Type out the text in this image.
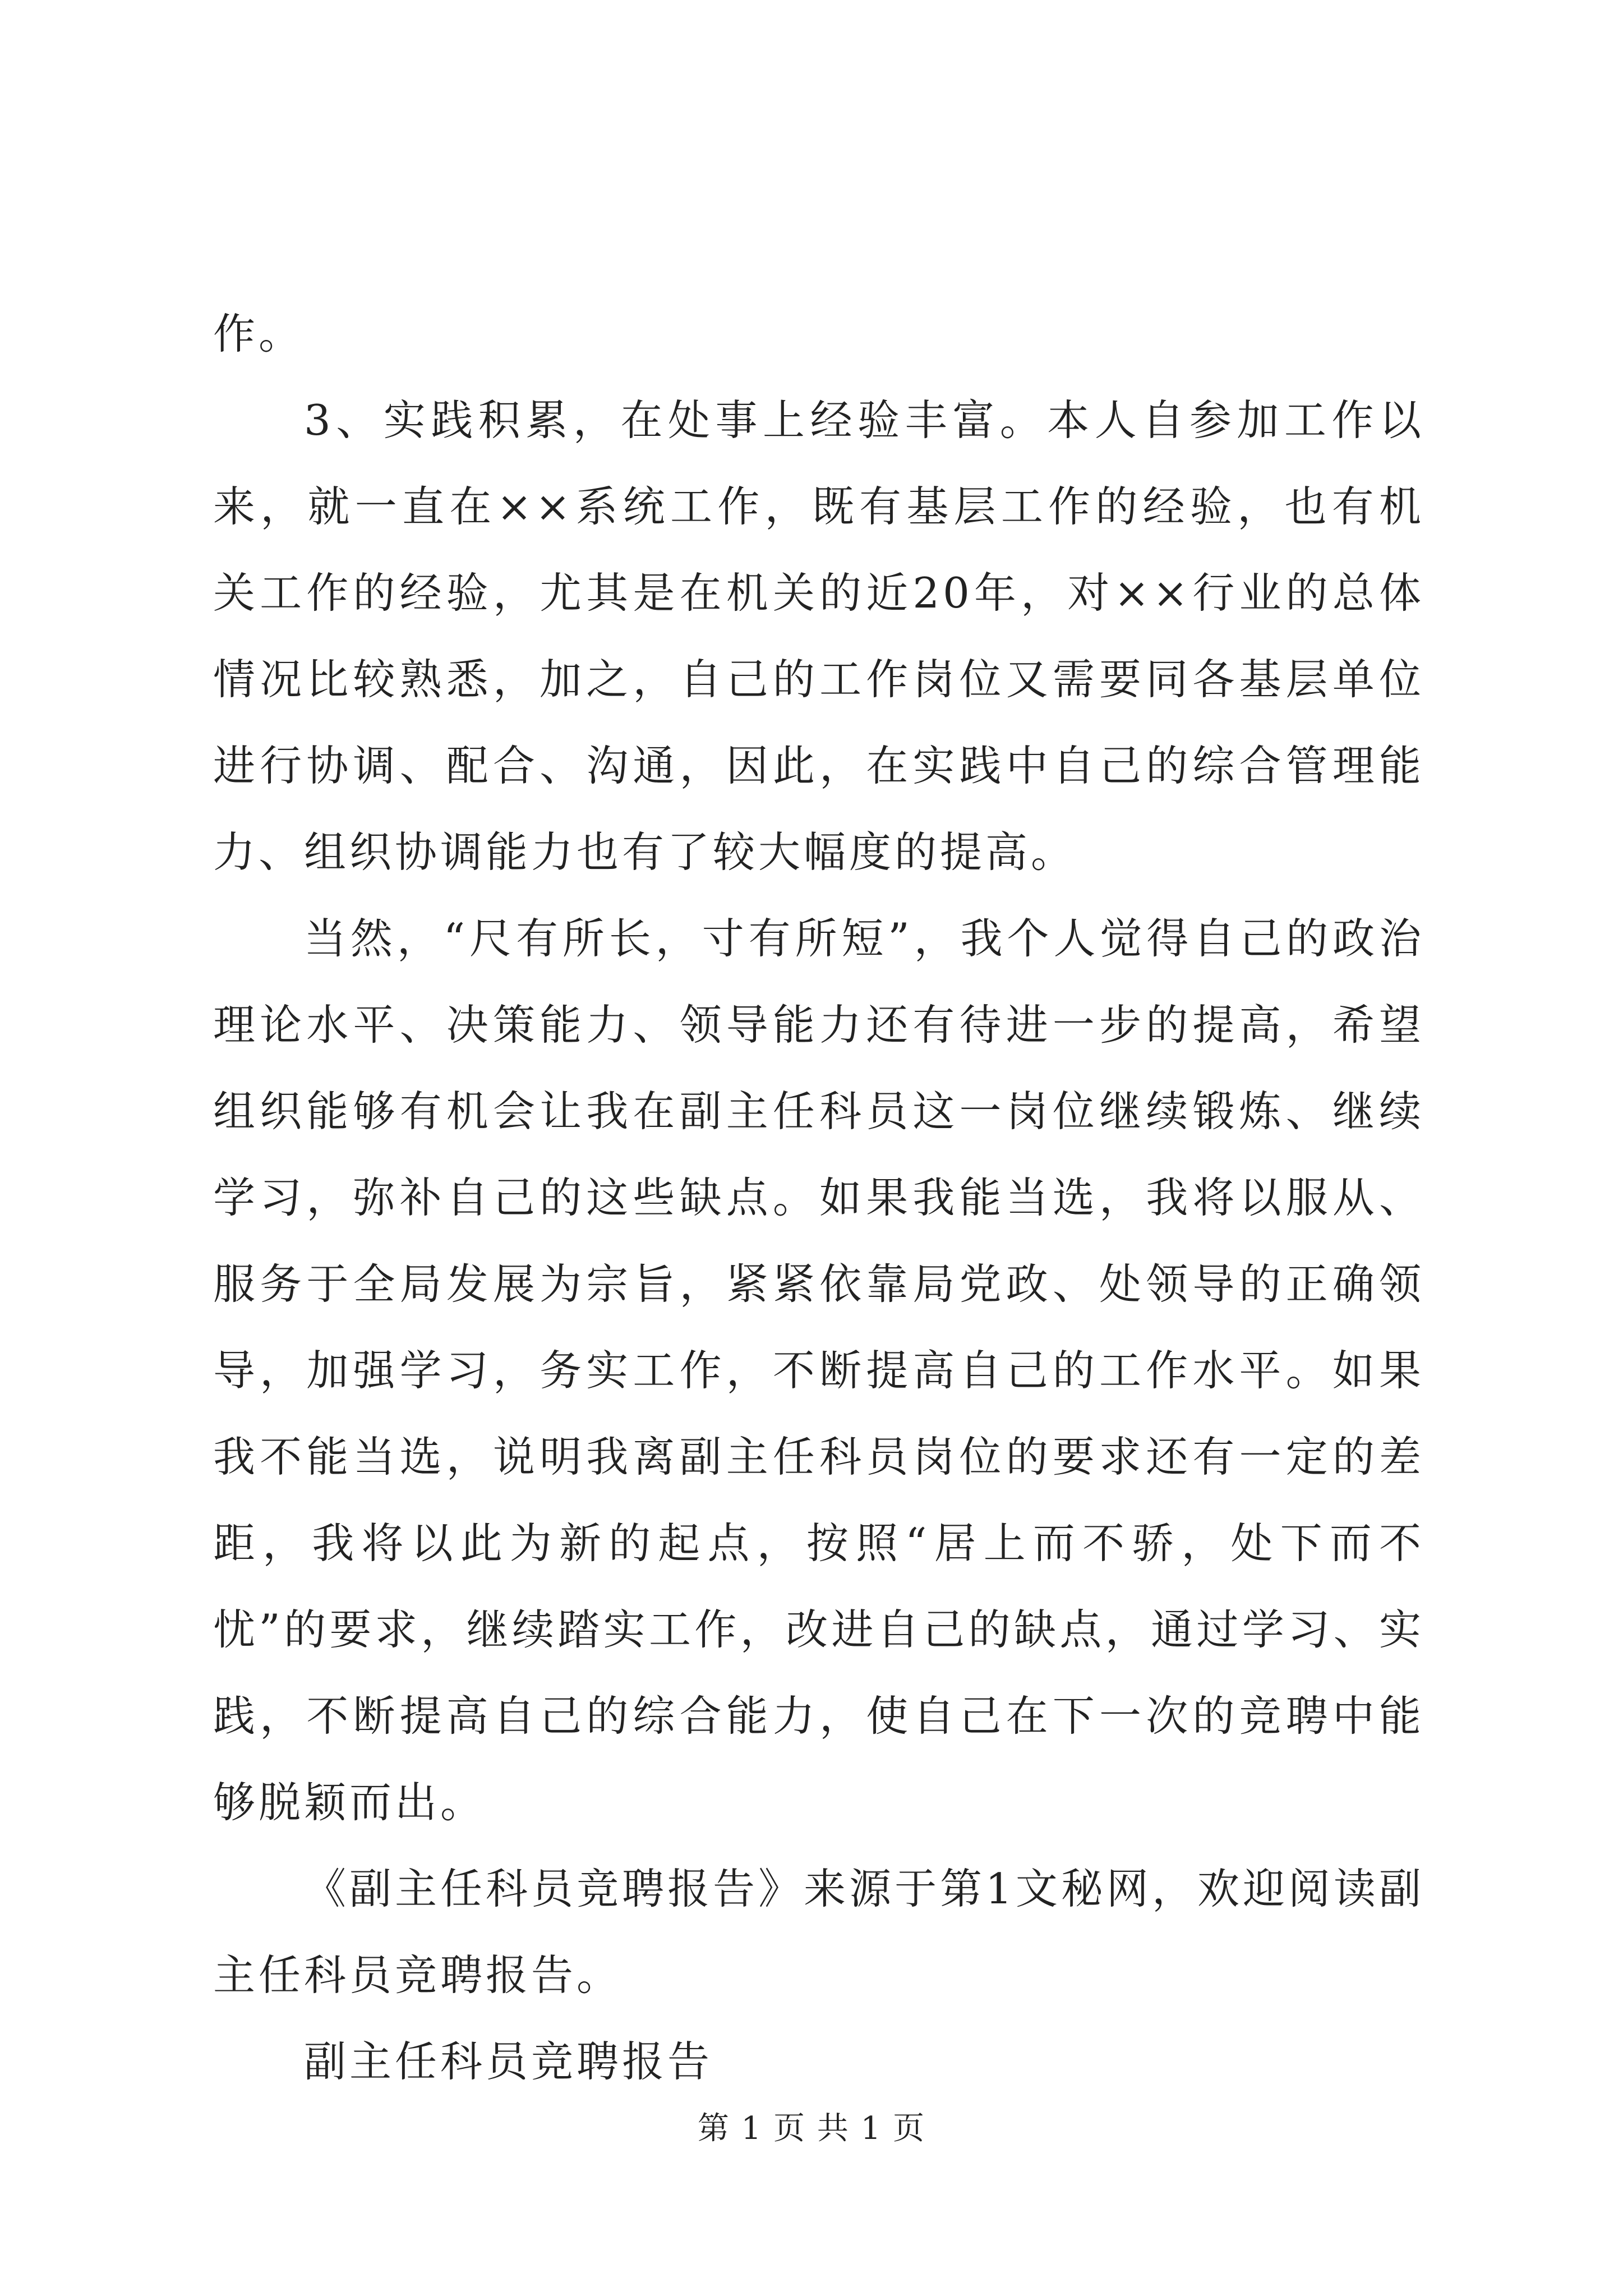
作。

3、实践积累，在处事上经验丰富。本人自参加工作以来，就一直在××系统工作，既有基层工作的经验，也有机关工作的经验，尤其是在机关的近20年，对××行业的总体情况比较熟悉，加之，自己的工作岗位又需要同各基层单位进行协调、配合、沟通，因此，在实践中自己的综合管理能力、组织协调能力也有了较大幅度的提高。

当然，“尺有所长，寸有所短”，我个人觉得自己的政治理论水平、决策能力、领导能力还有待进一步的提高，希望组织能够有机会让我在副主任科员这一岗位继续锻炼、继续学习，弥补自己的这些缺点。如果我能当选，我将以服从、服务于全局发展为宗旨，紧紧依靠局党政、处领导的正确领导，加强学习，务实工作，不断提高自己的工作水平。如果我不能当选，说明我离副主任科员岗位的要求还有一定的差距，我将以此为新的起点，按照“居上而不骄，处下而不忧”的要求，继续踏实工作，改进自己的缺点，通过学习、实践，不断提高自己的综合能力，使自己在下一次的竞聘中能够脱颖而出。

《副主任科员竞聘报告》来源于第1文秘网，欢迎阅读副主任科员竞聘报告。

副主任科员竞聘报告

第 1 页 共 1 页
